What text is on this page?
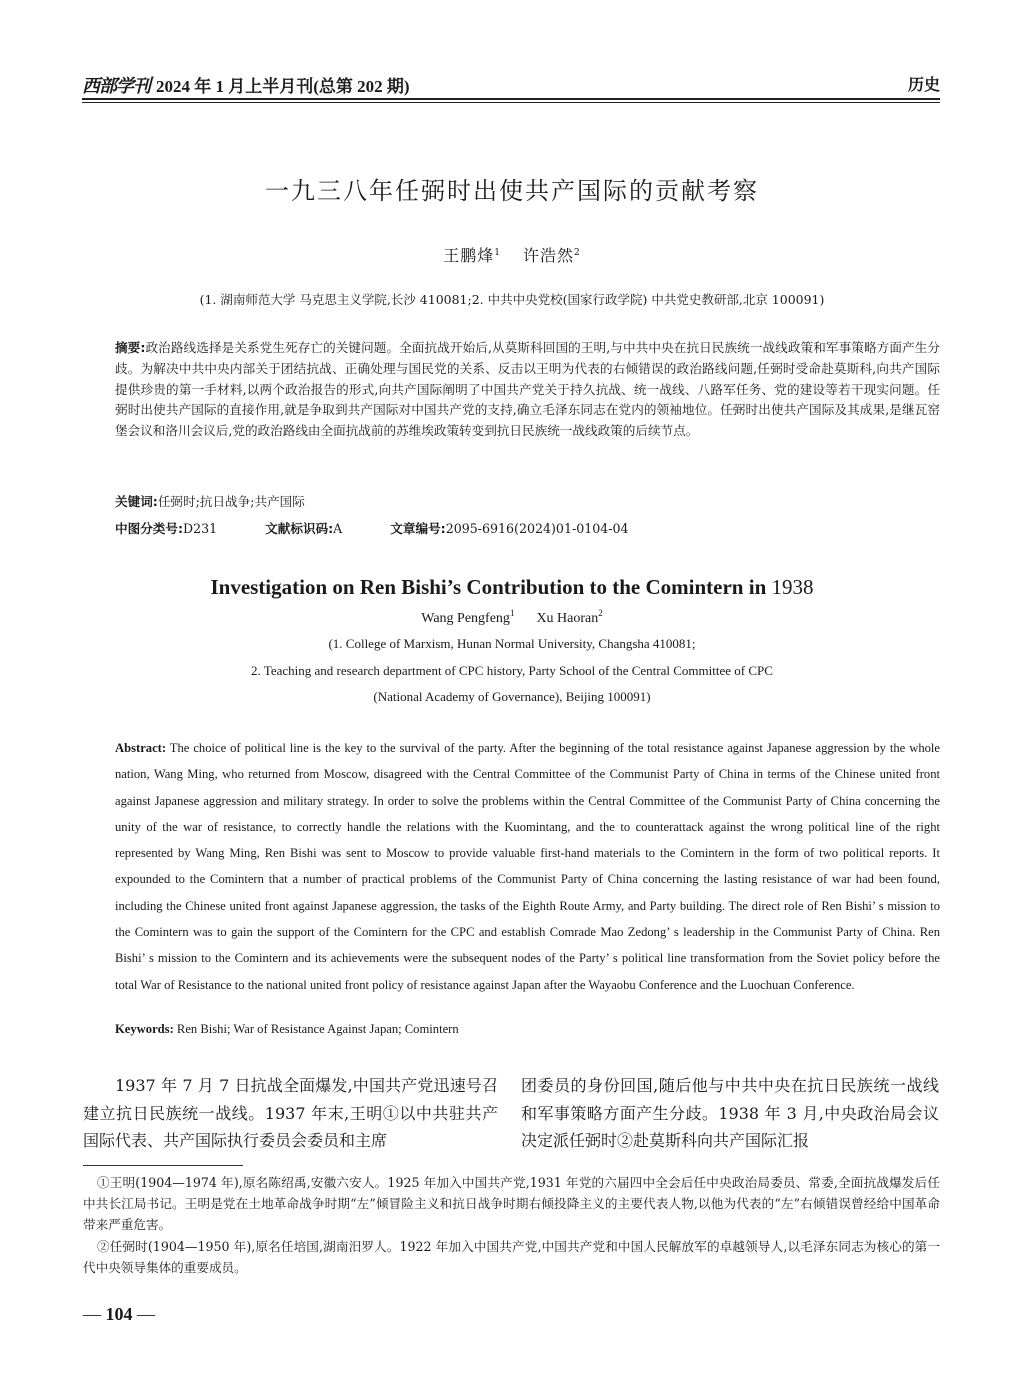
西部学刊 2024 年 1 月上半月刊(总第 202 期)	历史
一九三八年任弼时出使共产国际的贡献考察
王鹏烽$^1$ 许浩然$^2$
(1. 湖南师范大学 马克思主义学院,长沙 410081;2. 中共中央党校(国家行政学院) 中共党史教研部,北京 100091)
摘要:政治路线选择是关系党生死存亡的关键问题。全面抗战开始后,从莫斯科回国的王明,与中共中央在抗日民族统一战线政策和军事策略方面产生分歧。为解决中共中央内部关于团结抗战、正确处理与国民党的关系、反击以王明为代表的右倾错误的政治路线问题,任弼时受命赴莫斯科,向共产国际提供珍贵的第一手材料,以两个政治报告的形式,向共产国际阐明了中国共产党关于持久抗战、统一战线、八路军任务、党的建设等若干现实问题。任弼时出使共产国际的直接作用,就是争取到共产国际对中国共产党的支持,确立毛泽东同志在党内的领袖地位。任弼时出使共产国际及其成果,是继瓦窑堡会议和洛川会议后,党的政治路线由全面抗战前的苏维埃政策转变到抗日民族统一战线政策的后续节点。
关键词:任弼时;抗日战争;共产国际
中图分类号:D231	文献标识码:A	文章编号:2095-6916(2024)01-0104-04
Investigation on Ren Bishi’s Contribution to the Comintern in 1938
Wang Pengfeng$^1$ Xu Haoran$^2$
(1. College of Marxism, Hunan Normal University, Changsha 410081;
2. Teaching and research department of CPC history, Party School of the Central Committee of CPC
(National Academy of Governance), Beijing 100091)
Abstract: The choice of political line is the key to the survival of the party. After the beginning of the total resistance against Japanese aggression by the whole nation, Wang Ming, who returned from Moscow, disagreed with the Central Committee of the Communist Party of China in terms of the Chinese united front against Japanese aggression and military strategy. In order to solve the problems within the Central Committee of the Communist Party of China concerning the unity of the war of resistance, to correctly handle the relations with the Kuomintang, and the to counterattack against the wrong political line of the right represented by Wang Ming, Ren Bishi was sent to Moscow to provide valuable first-hand materials to the Comintern in the form of two political reports. It expounded to the Comintern that a number of practical problems of the Communist Party of China concerning the lasting resistance of war had been found, including the Chinese united front against Japanese aggression, the tasks of the Eighth Route Army, and Party building. The direct role of Ren Bishi’ s mission to the Comintern was to gain the support of the Comintern for the CPC and establish Comrade Mao Zedong’ s leadership in the Communist Party of China. Ren Bishi’ s mission to the Comintern and its achievements were the subsequent nodes of the Party’ s political line transformation from the Soviet policy before the total War of Resistance to the national united front policy of resistance against Japan after the Wayaobu Conference and the Luochuan Conference.
Keywords: Ren Bishi; War of Resistance Against Japan; Comintern

1937 年 7 月 7 日抗战全面爆发,中国共产党迅速号召建立抗日民族统一战线。1937 年末,王明①以中共驻共产国际代表、共产国际执行委员会委员和主席

团委员的身份回国,随后他与中共中央在抗日民族统一战线和军事策略方面产生分歧。1938 年 3 月,中央政治局会议决定派任弼时②赴莫斯科向共产国际汇报

①王明(1904—1974 年),原名陈绍禹,安徽六安人。1925 年加入中国共产党,1931 年党的六届四中全会后任中央政治局委员、常委,全面抗战爆发后任中共长江局书记。王明是党在土地革命战争时期“左”倾冒险主义和抗日战争时期右倾投降主义的主要代表人物,以他为代表的“左”右倾错误曾经给中国革命带来严重危害。

②任弼时(1904—1950 年),原名任培国,湖南汨罗人。1922 年加入中国共产党,中国共产党和中国人民解放军的卓越领导人,以毛泽东同志为核心的第一代中央领导集体的重要成员。

— 104 —
